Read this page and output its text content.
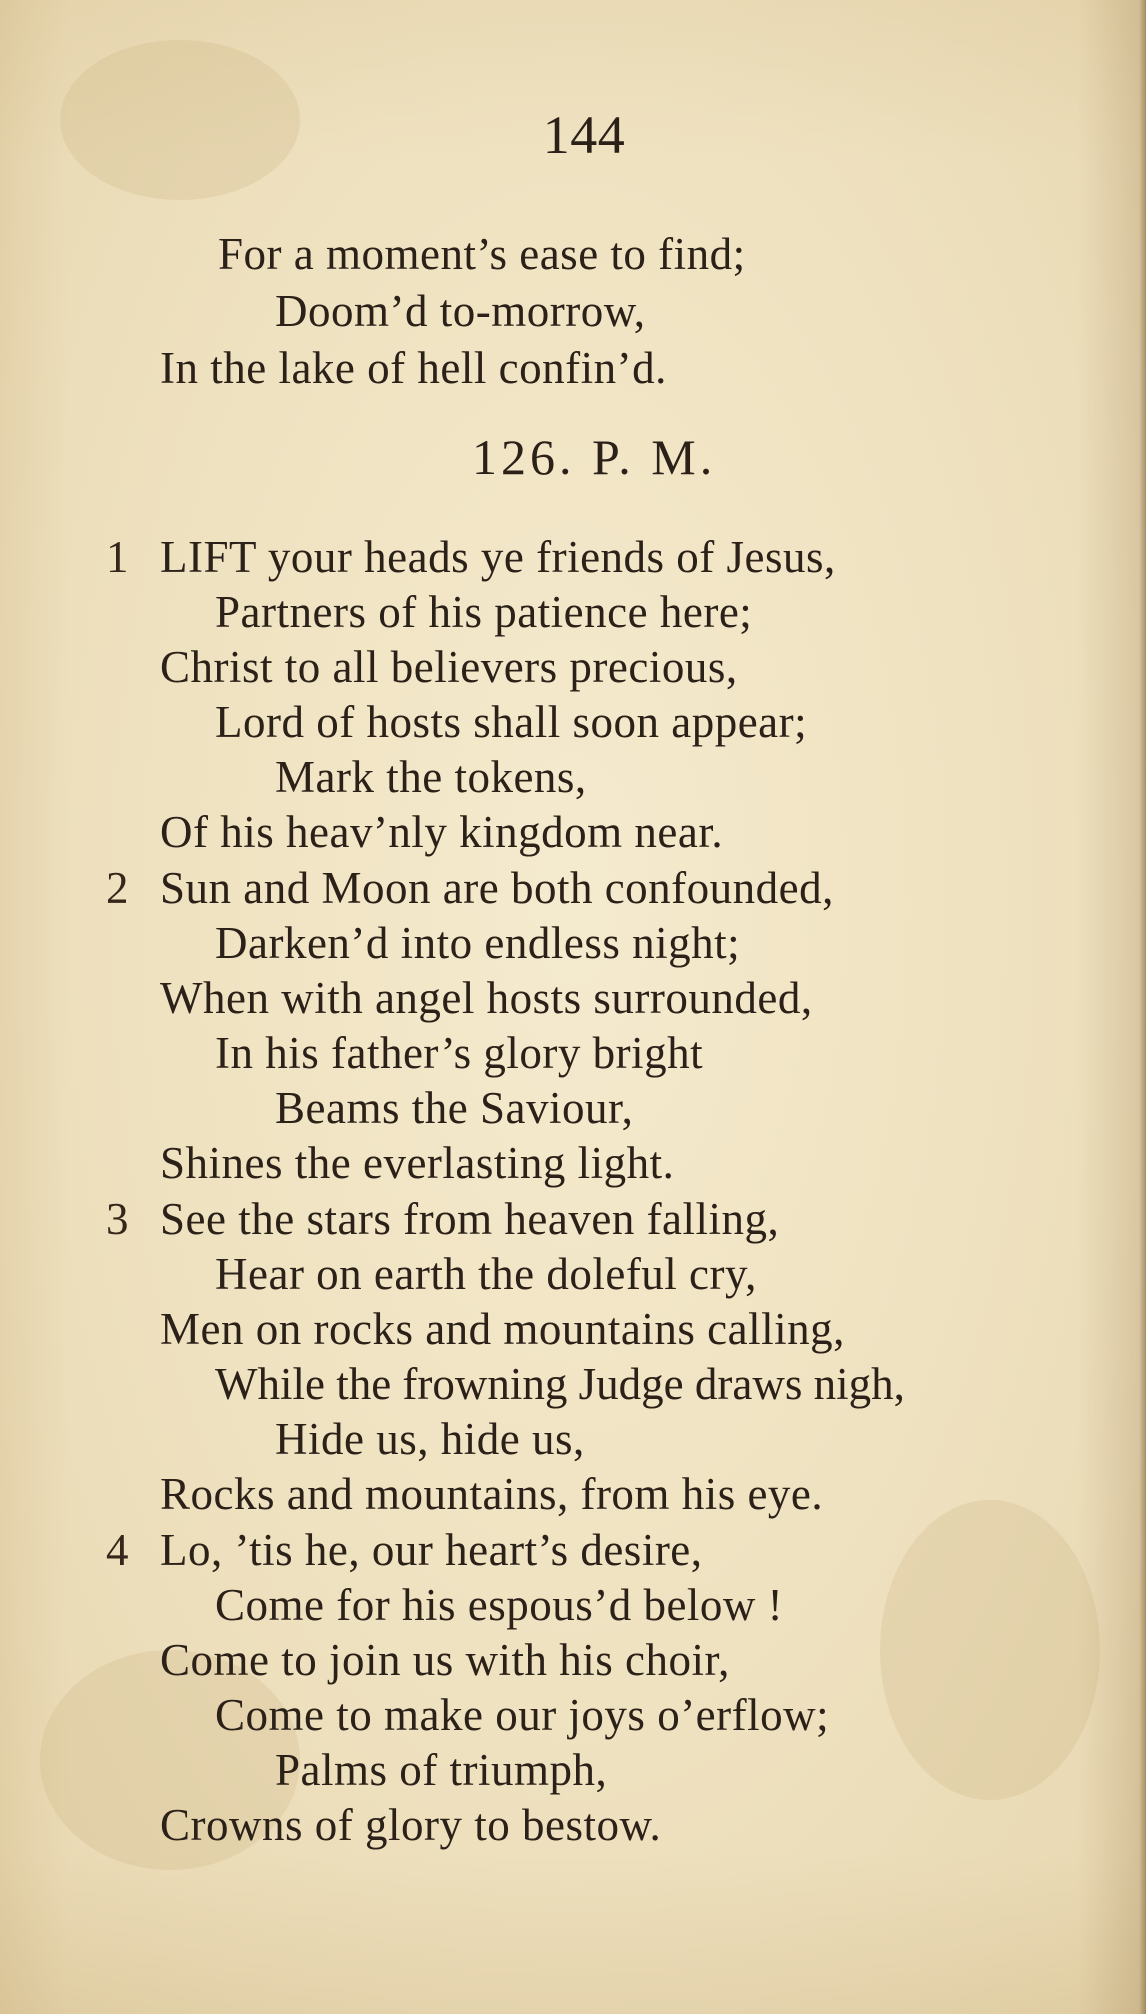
144
For a moment’s ease to find;
Doom’d to-morrow,
In the lake of hell confin’d.
126. P. M.
1 LIFT your heads ye friends of Jesus,
Partners of his patience here;
Christ to all believers precious,
Lord of hosts shall soon appear;
Mark the tokens,
Of his heav’nly kingdom near.
2 Sun and Moon are both confounded,
Darken’d into endless night;
When with angel hosts surrounded,
In his father’s glory bright
Beams the Saviour,
Shines the everlasting light.
3 See the stars from heaven falling,
Hear on earth the doleful cry,
Men on rocks and mountains calling,
While the frowning Judge draws nigh,
Hide us, hide us,
Rocks and mountains, from his eye.
4 Lo, ’tis he, our heart’s desire,
Come for his espous’d below !
Come to join us with his choir,
Come to make our joys o’erflow;
Palms of triumph,
Crowns of glory to bestow.
